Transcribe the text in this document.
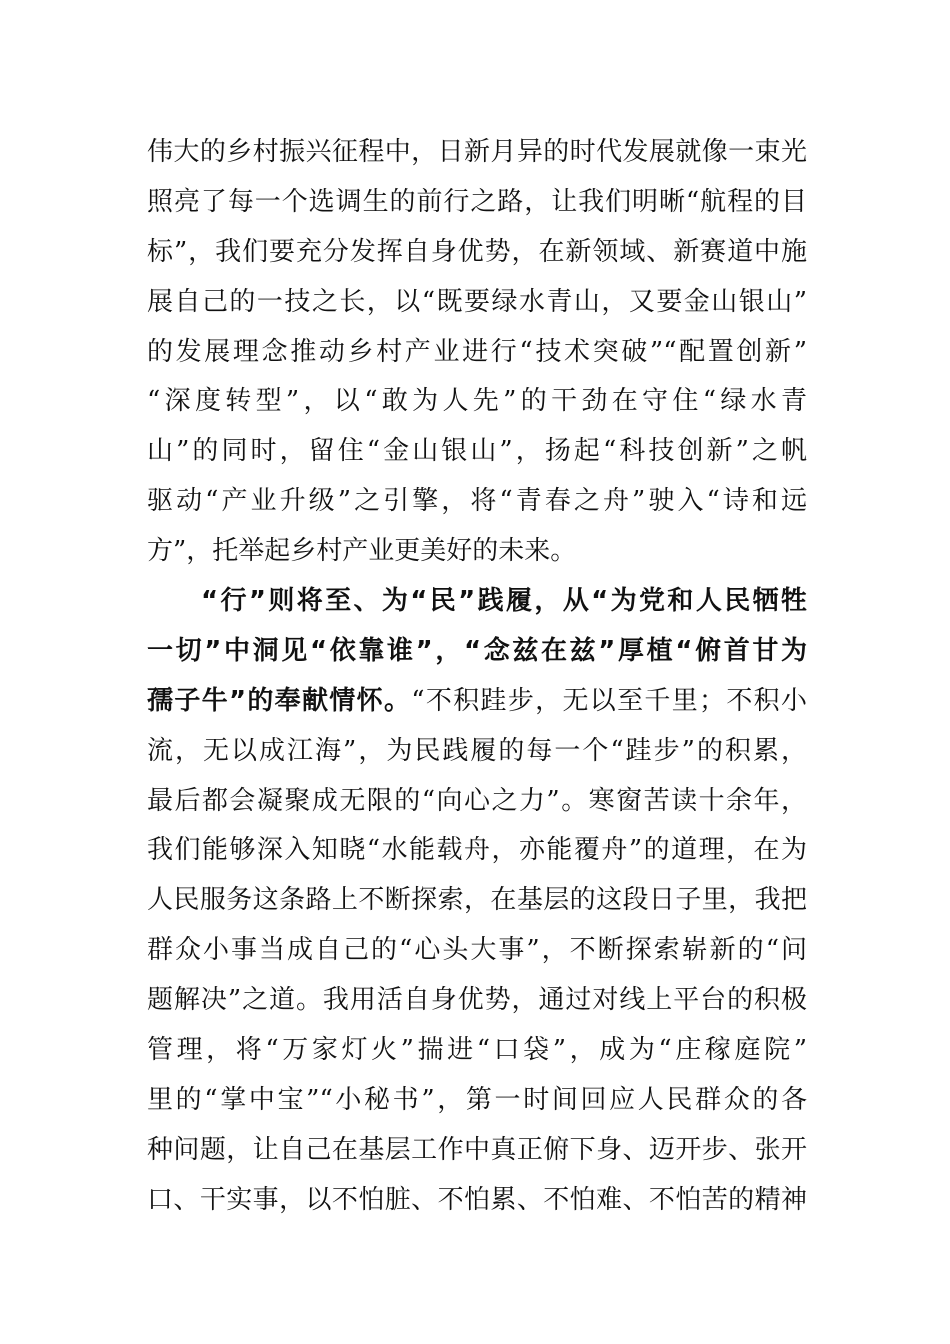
伟大的乡村振兴征程中，日新月异的时代发展就像一束光
照亮了每一个选调生的前行之路，让我们明晰“航程的目
标”，我们要充分发挥自身优势，在新领域、新赛道中施
展自己的一技之长，以“既要绿水青山，又要金山银山”
的发展理念推动乡村产业进行“技术突破”“配置创新”
“深度转型”，以“敢为人先”的干劲在守住“绿水青
山”的同时，留住“金山银山”，扬起“科技创新”之帆
驱动“产业升级”之引擎，将“青春之舟”驶入“诗和远
方”，托举起乡村产业更美好的未来。
“行”则将至、为“民”践履，从“为党和人民牺牲
一切”中洞见“依靠谁”，“念兹在兹”厚植“俯首甘为
孺子牛”的奉献情怀。“不积跬步，无以至千里；不积小
流，无以成江海”，为民践履的每一个“跬步”的积累，
最后都会凝聚成无限的“向心之力”。寒窗苦读十余年，
我们能够深入知晓“水能载舟，亦能覆舟”的道理，在为
人民服务这条路上不断探索，在基层的这段日子里，我把
群众小事当成自己的“心头大事”，不断探索崭新的“问
题解决”之道。我用活自身优势，通过对线上平台的积极
管理，将“万家灯火”揣进“口袋”，成为“庄稼庭院”
里的“掌中宝”“小秘书”，第一时间回应人民群众的各
种问题，让自己在基层工作中真正俯下身、迈开步、张开
口、干实事，以不怕脏、不怕累、不怕难、不怕苦的精神
